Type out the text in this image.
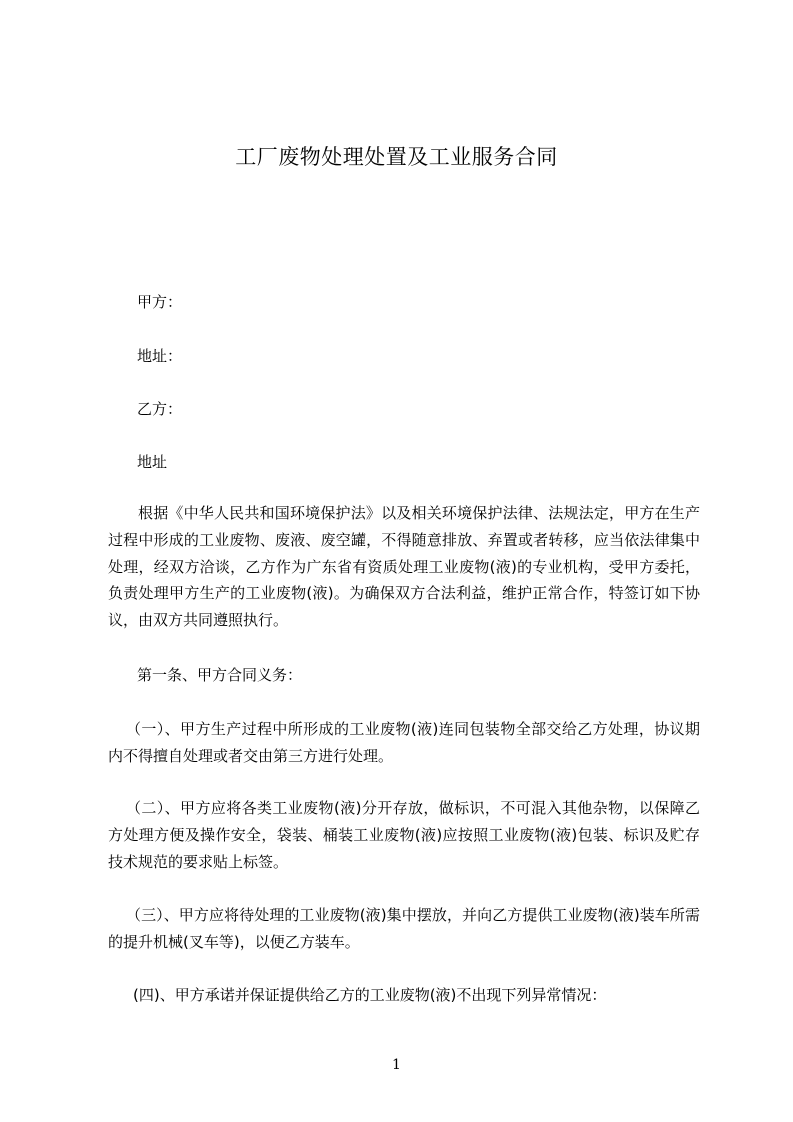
工厂废物处理处置及工业服务合同

甲方：

地址：

乙方：

地址

根据《中华人民共和国环境保护法》以及相关环境保护法律、法规法定，甲方在生产过程中形成的工业废物、废液、废空罐，不得随意排放、弃置或者转移，应当依法律集中处理，经双方洽谈，乙方作为广东省有资质处理工业废物(液)的专业机构，受甲方委托，负责处理甲方生产的工业废物(液)。为确保双方合法利益，维护正常合作，特签订如下协议，由双方共同遵照执行。

第一条、甲方合同义务：

（一）、甲方生产过程中所形成的工业废物(液)连同包装物全部交给乙方处理，协议期内不得擅自处理或者交由第三方进行处理。

（二）、甲方应将各类工业废物(液)分开存放，做标识，不可混入其他杂物，以保障乙方处理方便及操作安全，袋装、桶装工业废物(液)应按照工业废物(液)包装、标识及贮存技术规范的要求贴上标签。

（三）、甲方应将待处理的工业废物(液)集中摆放，并向乙方提供工业废物(液)装车所需的提升机械(叉车等)，以便乙方装车。

(四)、甲方承诺并保证提供给乙方的工业废物(液)不出现下列异常情况：

1
